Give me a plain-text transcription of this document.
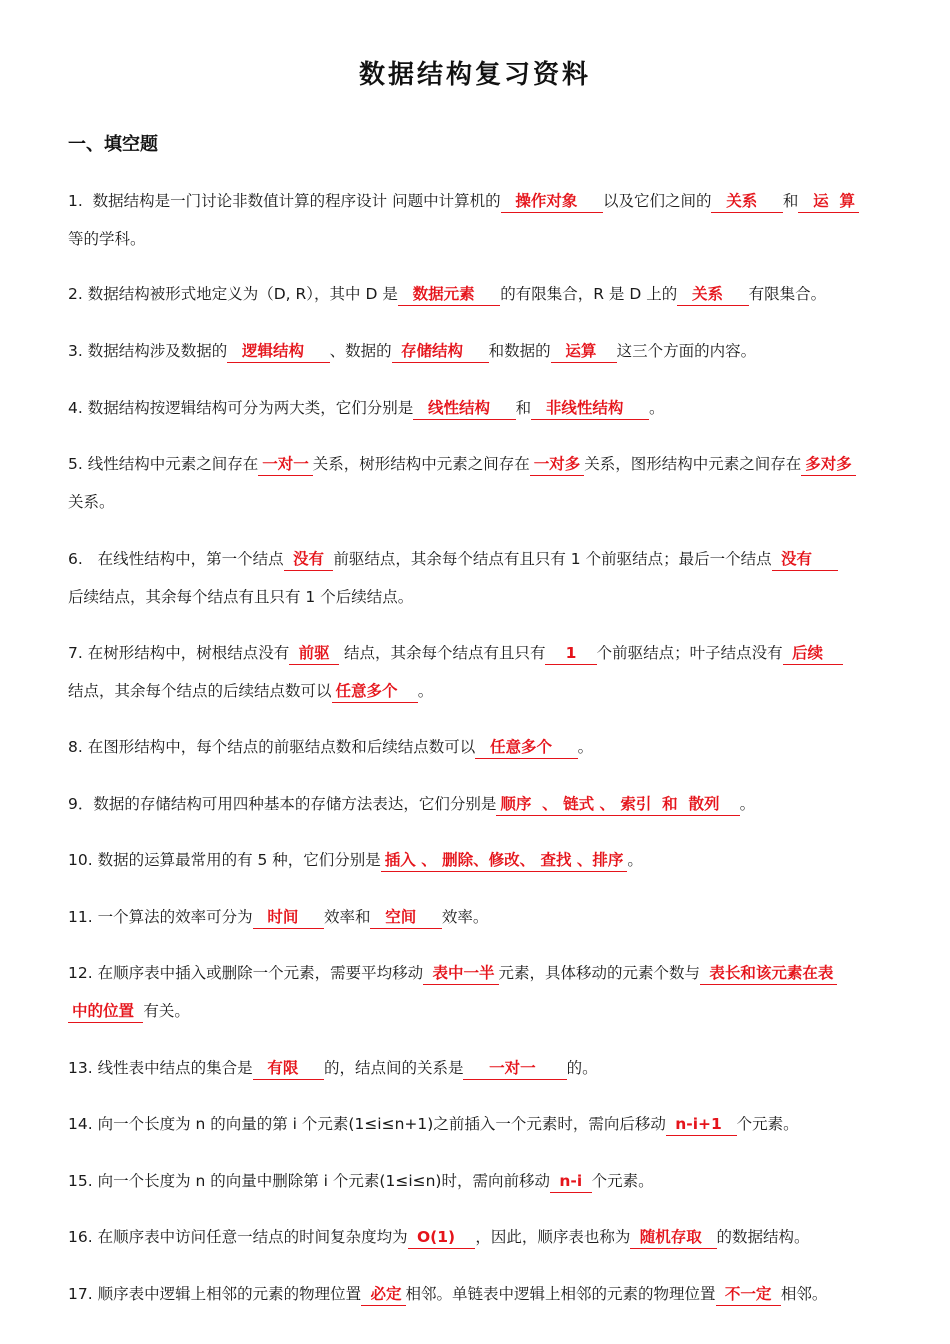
数据结构复习资料
一、填空题
1.  数据结构是一门讨论非数值计算的程序设计 问题中计算机的  操作对象    以及它们之间的  关系    和  运  算
等的学科。
2. 数据结构被形式地定义为（D, R），其中 D 是  数据元素    的有限集合，R 是 D 上的  关系    有限集合。
3. 数据结构涉及数据的  逻辑结构    、数据的 存储结构    和数据的  运算   这三个方面的内容。
4. 数据结构按逻辑结构可分为两大类，它们分别是  线性结构    和  非线性结构    。
5. 线性结构中元素之间存在 一对一 关系，树形结构中元素之间存在 一对多 关系，图形结构中元素之间存在 多对多
关系。
6.   在线性结构中，第一个结点 没有 前驱结点，其余每个结点有且只有 1 个前驱结点；最后一个结点 没有
后续结点，其余每个结点有且只有 1 个后续结点。
7. 在树形结构中，树根结点没有 前驱  结点，其余每个结点有且只有   1   个前驱结点；叶子结点没有 后续
结点，其余每个结点的后续结点数可以 任意多个   。
8. 在图形结构中，每个结点的前驱结点数和后续结点数可以  任意多个    。
9．数据的存储结构可用四种基本的存储方法表达，它们分别是 顺序  、 链式 、 索引  和  散列   。
10. 数据的运算最常用的有 5 种，它们分别是 插入 、 删除、修改、 查找 、排序 。
11. 一个算法的效率可分为  时间    效率和  空间    效率。
12. 在顺序表中插入或删除一个元素，需要平均移动 表中一半 元素，具体移动的元素个数与 表长和该元素在表
中的位置 有关。
13. 线性表中结点的集合是  有限    的，结点间的关系是    一对一     的。
14. 向一个长度为 n 的向量的第 i 个元素(1≤i≤n+1)之前插入一个元素时，需向后移动 n-i+1  个元素。
15. 向一个长度为 n 的向量中删除第 i 个元素(1≤i≤n)时，需向前移动 n-i 个元素。
16. 在顺序表中访问任意一结点的时间复杂度均为 O(1)   ，因此，顺序表也称为 随机存取  的数据结构。
17. 顺序表中逻辑上相邻的元素的物理位置 必定 相邻。单链表中逻辑上相邻的元素的物理位置 不一定 相邻。
